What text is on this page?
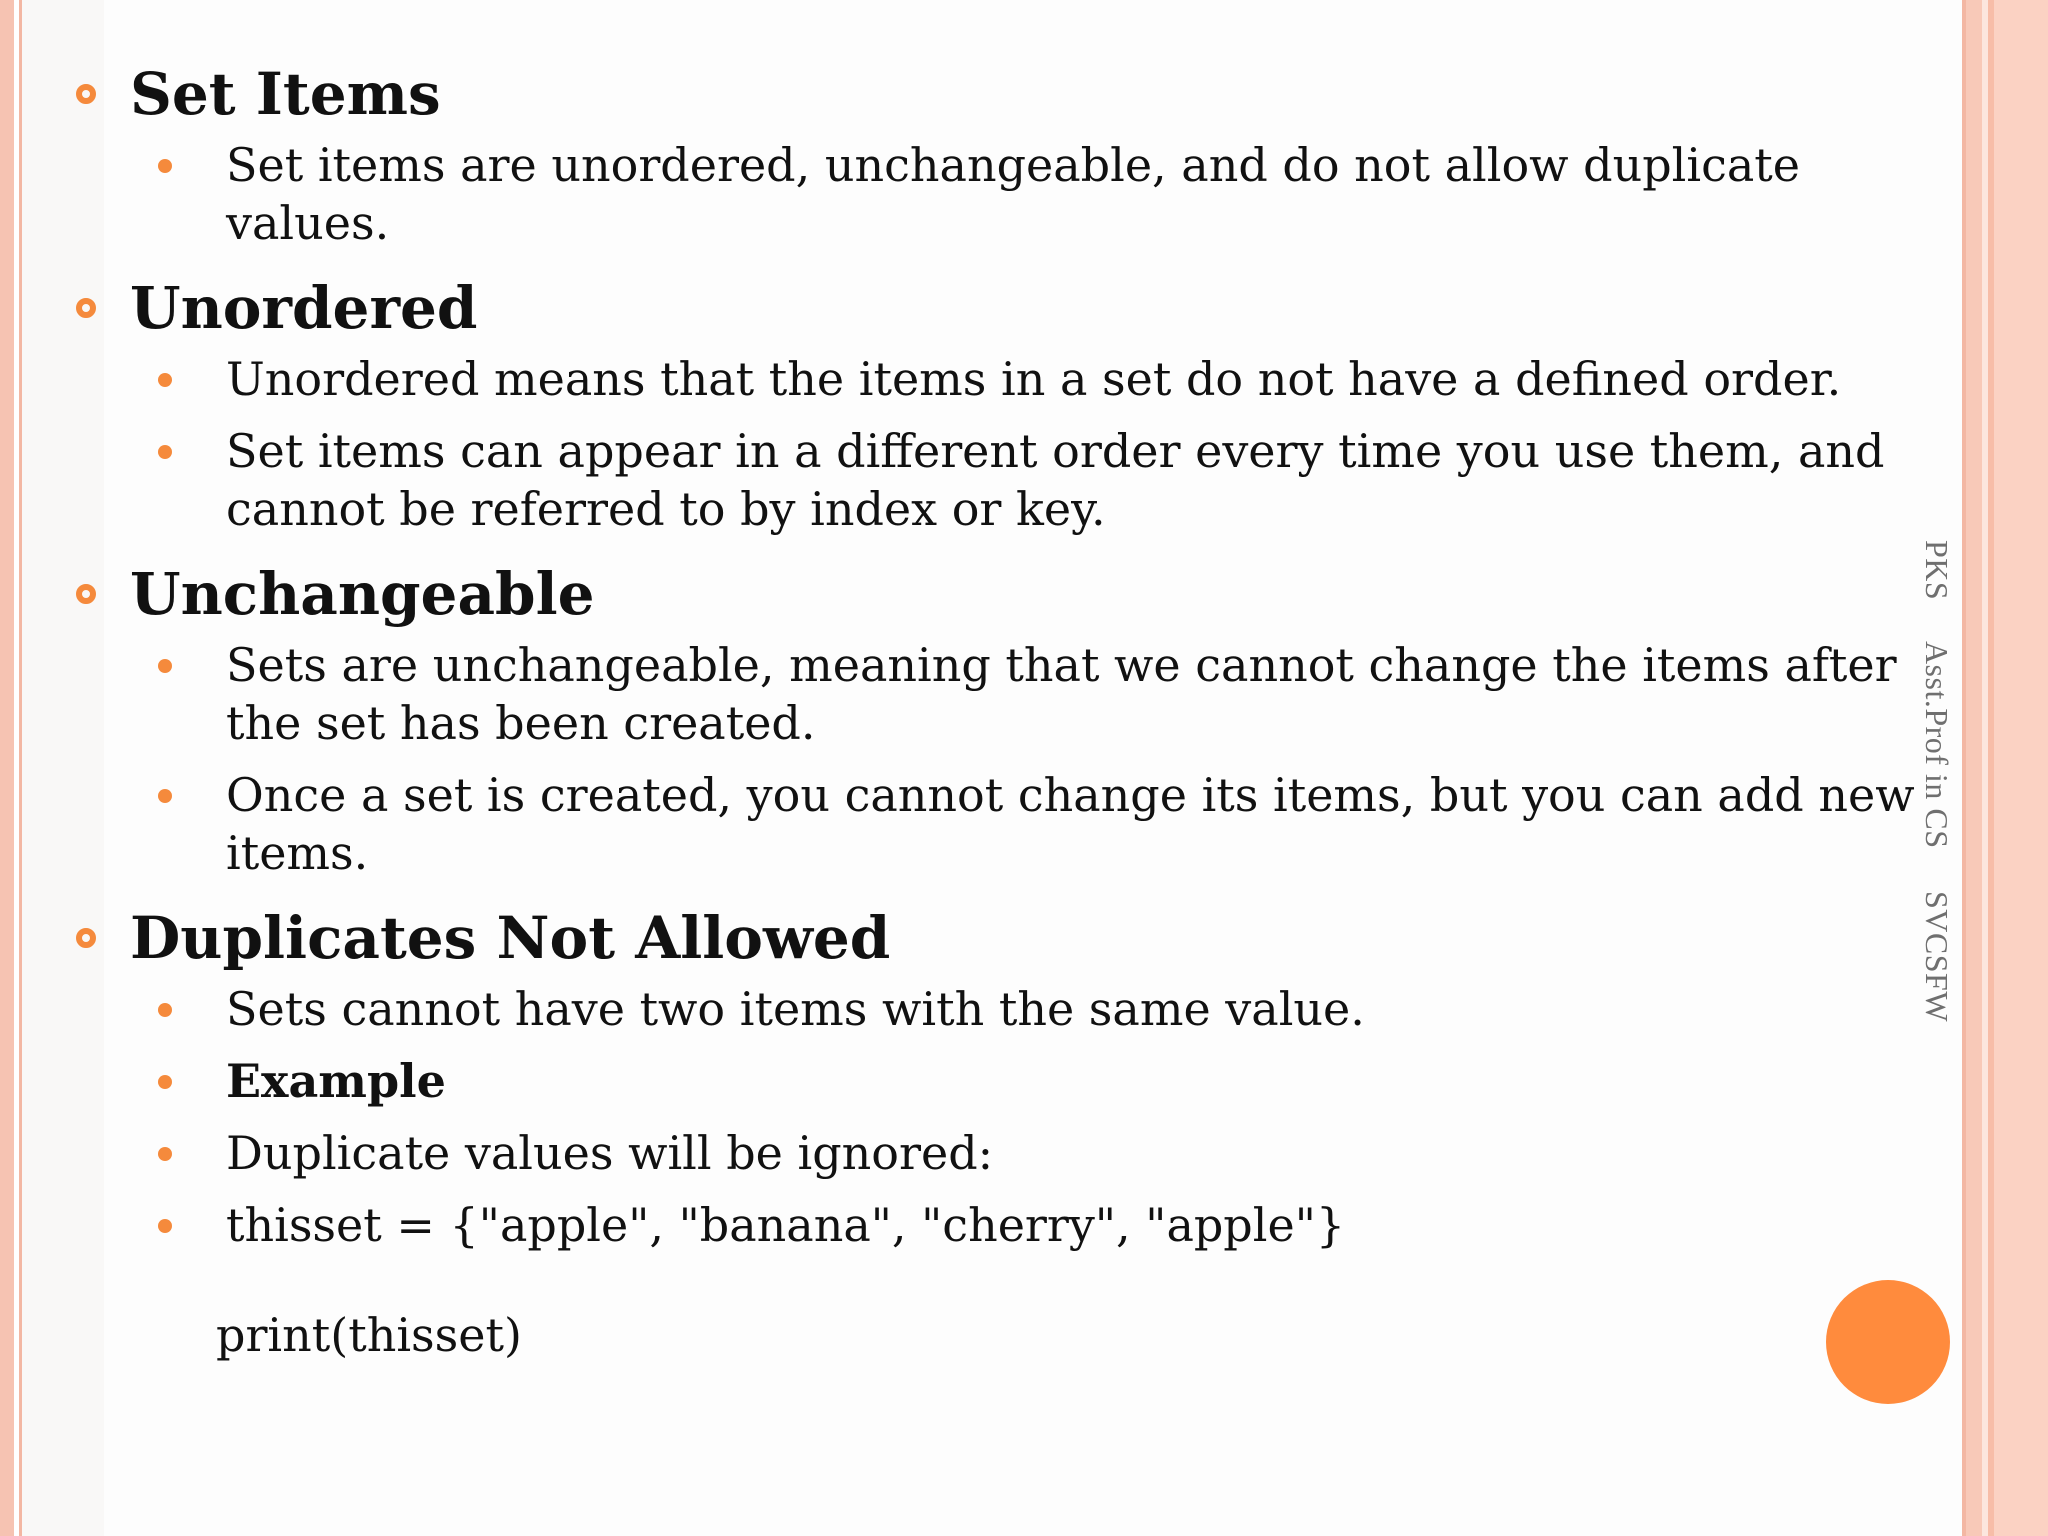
PKS     Asst.Prof in CS     SVCSFW
Set Items
Set items are unordered, unchangeable, and do not allow duplicate values.
Unordered
Unordered means that the items in a set do not have a defined order.
Set items can appear in a different order every time you use them, and cannot be referred to by index or key.
Unchangeable
Sets are unchangeable, meaning that we cannot change the items after the set has been created.
Once a set is created, you cannot change its items, but you can add new items.
Duplicates Not Allowed
Sets cannot have two items with the same value.
Example
Duplicate values will be ignored:
thisset = {"apple", "banana", "cherry", "apple"}
print(thisset)
